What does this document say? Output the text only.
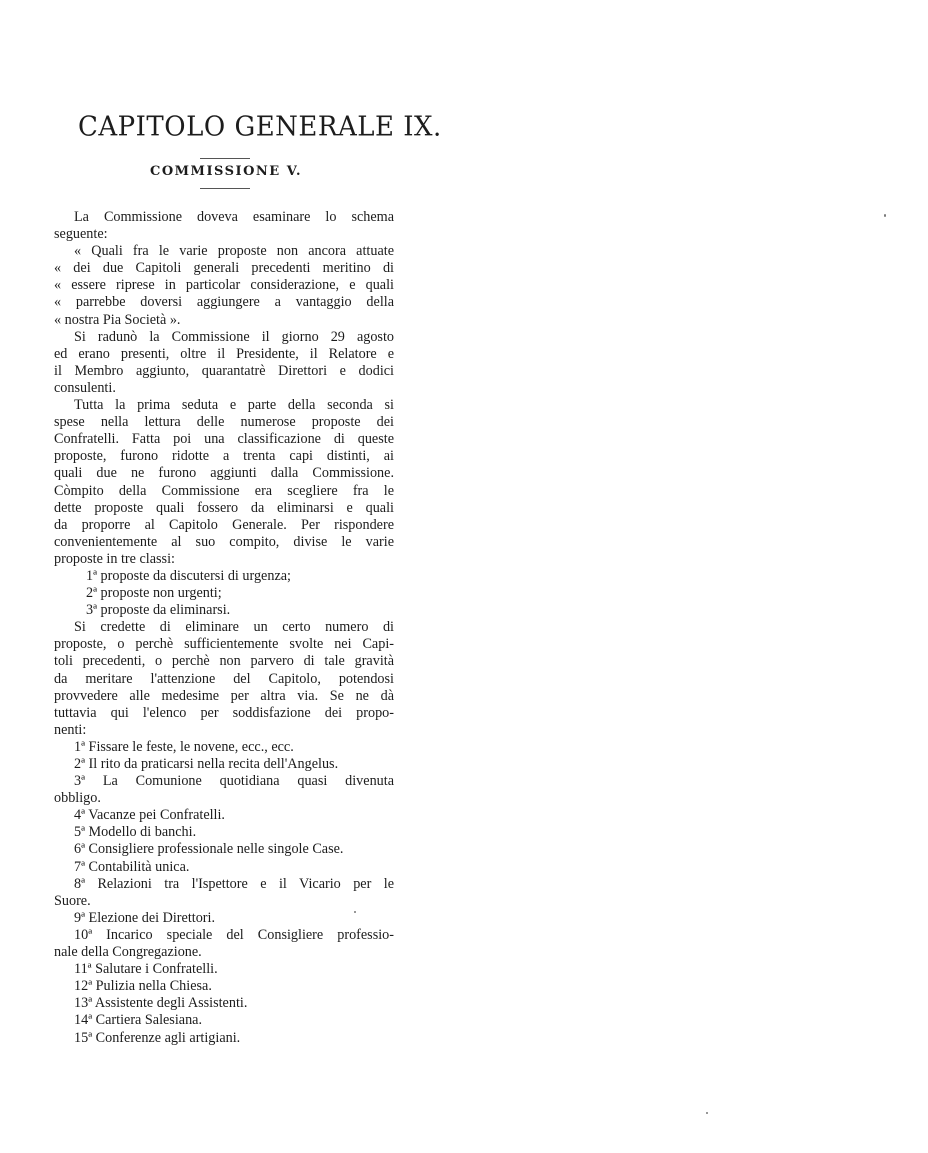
CAPITOLO GENERALE IX.
COMMISSIONE V.
La Commissione doveva esaminare lo schema
seguente:
« Quali fra le varie proposte non ancora attuate
« dei due Capitoli generali precedenti meritino di
« essere riprese in particolar considerazione, e quali
« parrebbe doversi aggiungere a vantaggio della
« nostra Pia Società ».
Si radunò la Commissione il giorno 29 agosto
ed erano presenti, oltre il Presidente, il Relatore e
il Membro aggiunto, quarantatrè Direttori e dodici
consulenti.
Tutta la prima seduta e parte della seconda si
spese nella lettura delle numerose proposte dei
Confratelli. Fatta poi una classificazione di queste
proposte, furono ridotte a trenta capi distinti, ai
quali due ne furono aggiunti dalla Commissione.
Còmpito della Commissione era scegliere fra le
dette proposte quali fossero da eliminarsi e quali
da proporre al Capitolo Generale. Per rispondere
convenientemente al suo compito, divise le varie
proposte in tre classi:
1ª proposte da discutersi di urgenza;
2ª proposte non urgenti;
3ª proposte da eliminarsi.
Si credette di eliminare un certo numero di
proposte, o perchè sufficientemente svolte nei Capi-
toli precedenti, o perchè non parvero di tale gravità
da meritare l'attenzione del Capitolo, potendosi
provvedere alle medesime per altra via. Se ne dà
tuttavia qui l'elenco per soddisfazione dei propo-
nenti:
1ª Fissare le feste, le novene, ecc., ecc.
2ª Il rito da praticarsi nella recita dell'Angelus.
3ª La Comunione quotidiana quasi divenuta
obbligo.
4ª Vacanze pei Confratelli.
5ª Modello di banchi.
6ª Consigliere professionale nelle singole Case.
7ª Contabilità unica.
8ª Relazioni tra l'Ispettore e il Vicario per le
Suore.
9ª Elezione dei Direttori.
10ª Incarico speciale del Consigliere professio-
nale della Congregazione.
11ª Salutare i Confratelli.
12ª Pulizia nella Chiesa.
13ª Assistente degli Assistenti.
14ª Cartiera Salesiana.
15ª Conferenze agli artigiani.
